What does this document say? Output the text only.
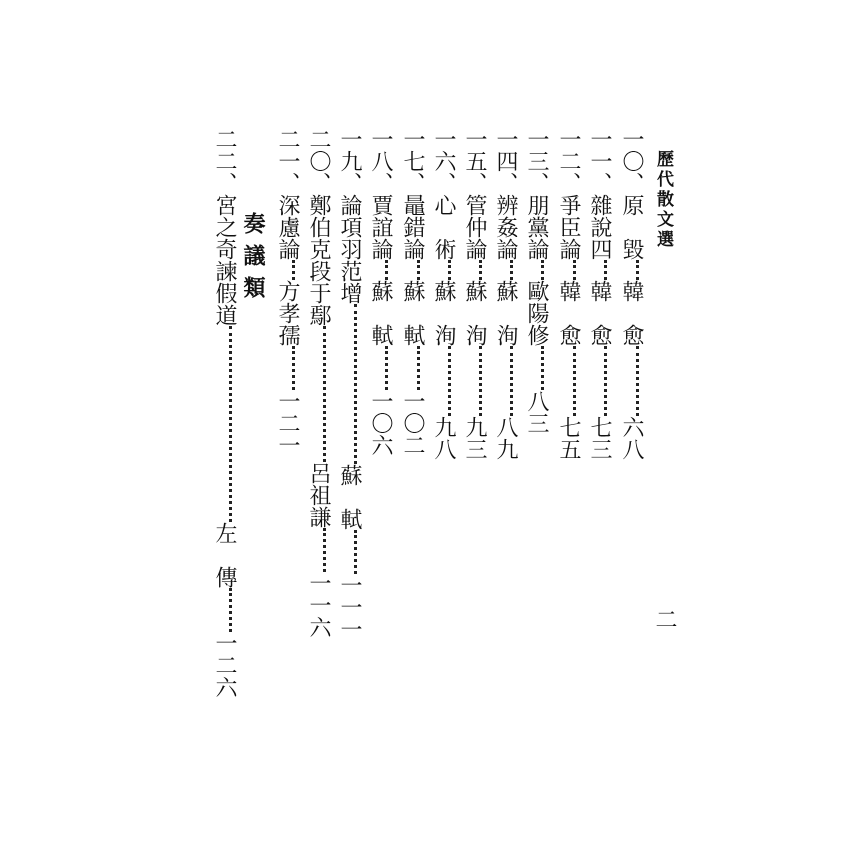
歷代散文選
二
一〇、原　毀韓　愈六八
一一、雜說四韓　愈七三
一二、爭臣論韓　愈七五
一三、朋黨論歐陽修八三
一四、辨姦論蘇　洵八九
一五、管仲論蘇　洵九三
一六、心　術蘇　洵九八
一七、鼂錯論蘇　軾一〇二
一八、賈誼論蘇　軾一〇六
一九、論項羽范增蘇　軾一一一
二〇、鄭伯克段于鄢呂祖謙一一六
二一、深慮論方孝孺一二一
奏議類
二二、宮之奇諫假道左　傳一二六
